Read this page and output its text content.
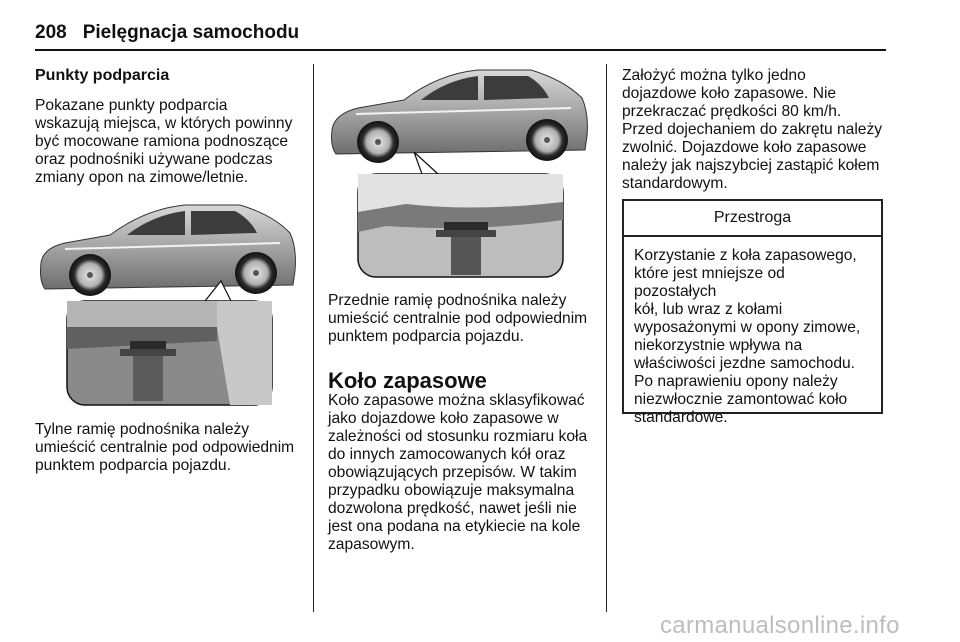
208 Pielęgnacja samochodu
Punkty podparcia

Pokazane punkty podparcia

wskazują miejsca, w których powinny

być mocowane ramiona podnoszące

oraz podnośniki używane podczas

zmiany opon na zimowe/letnie.

Tylne ramię podnośnika należy

umieścić centralnie pod odpowiednim

punktem podparcia pojazdu.

Przednie ramię podnośnika należy

umieścić centralnie pod odpowiednim

punktem podparcia pojazdu.

Koło zapasowe

Koło zapasowe można sklasyfikować

jako dojazdowe koło zapasowe w

zależności od stosunku rozmiaru koła

do innych zamocowanych kół oraz

obowiązujących przepisów. W takim

przypadku obowiązuje maksymalna

dozwolona prędkość, nawet jeśli nie

jest ona podana na etykiecie na kole

zapasowym.

Założyć można tylko jedno

dojazdowe koło zapasowe. Nie

przekraczać prędkości 80 km/h.

Przed dojechaniem do zakrętu należy

zwolnić. Dojazdowe koło zapasowe

należy jak najszybciej zastąpić kołem

standardowym.

Przestroga
Korzystanie z koła zapasowego,
które jest mniejsze od pozostałych
kół, lub wraz z kołami
wyposażonymi w opony zimowe,
niekorzystnie wpływa na
właściwości jezdne samochodu.
Po naprawieniu opony należy
niezwłocznie zamontować koło
standardowe.
carmanualsonline.info
